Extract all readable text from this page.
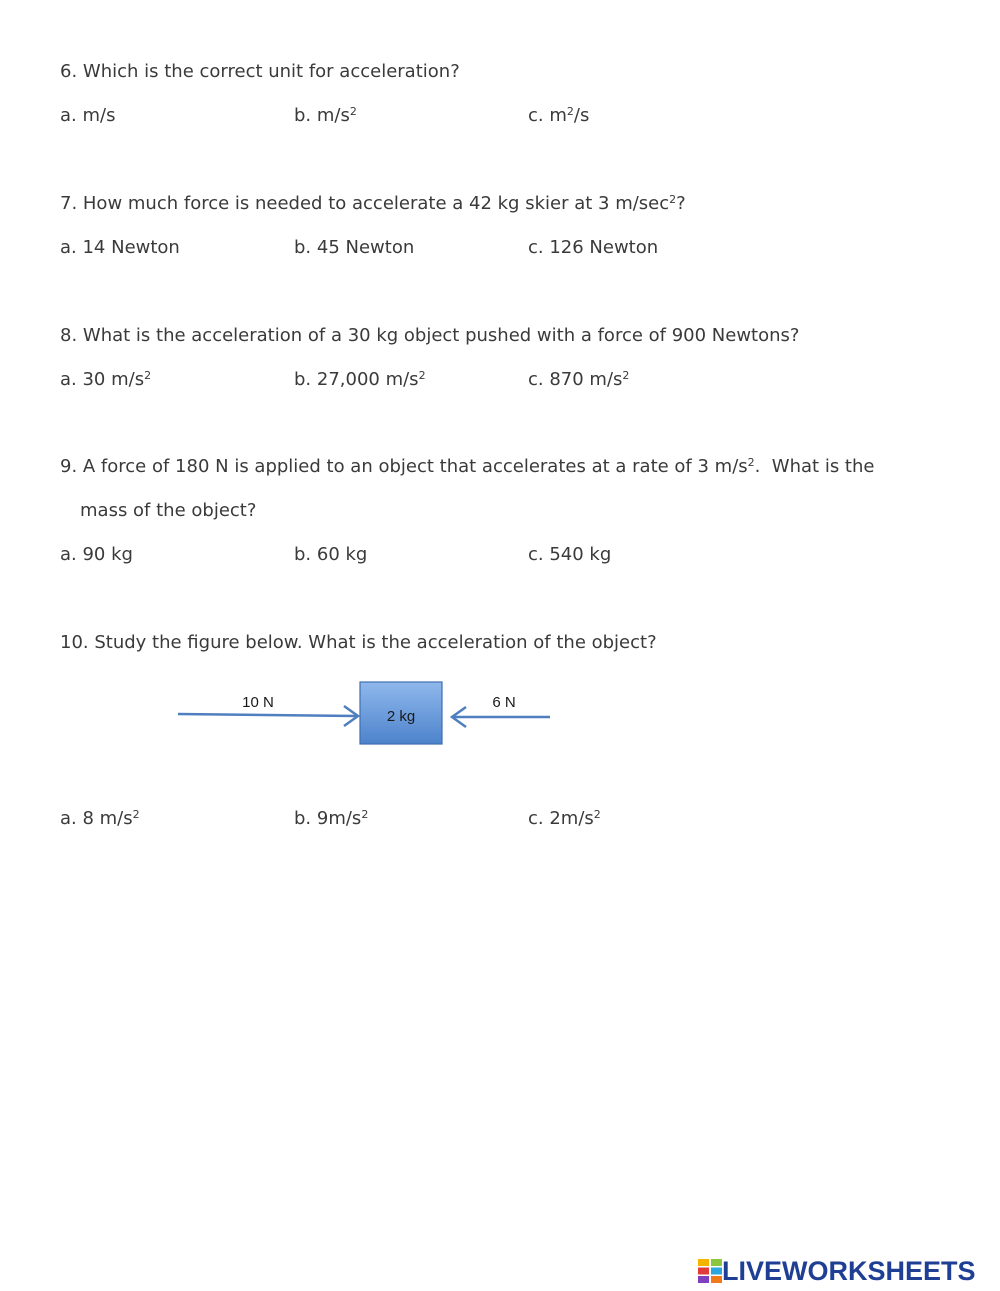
6. Which is the correct unit for acceleration?
a. m/s	b. $m/s^2$	c. $m^2/s$
7. How much force is needed to accelerate a 42 kg skier at 3 $m/\sec^2$?
a. 14 Newton	b. 45 Newton	c. 126 Newton
8. What is the acceleration of a 30 kg object pushed with a force of 900 Newtons?
a. 30 $m/s^2$	b. 27,000 $m/s^2$	c. 870 $m/s^2$
9. A force of 180 N is applied to an object that accelerates at a rate of 3 $m/s^2$.  What is the
mass of the object?
a. 90 kg	b. 60 kg	c. 540 kg
10. Study the figure below. What is the acceleration of the object?
2 kg
10 N	6 N
a. 8 $m/s^2$	b. $9m/s^2$	c. $2m/s^2$
LIVEWORKSHEETS
